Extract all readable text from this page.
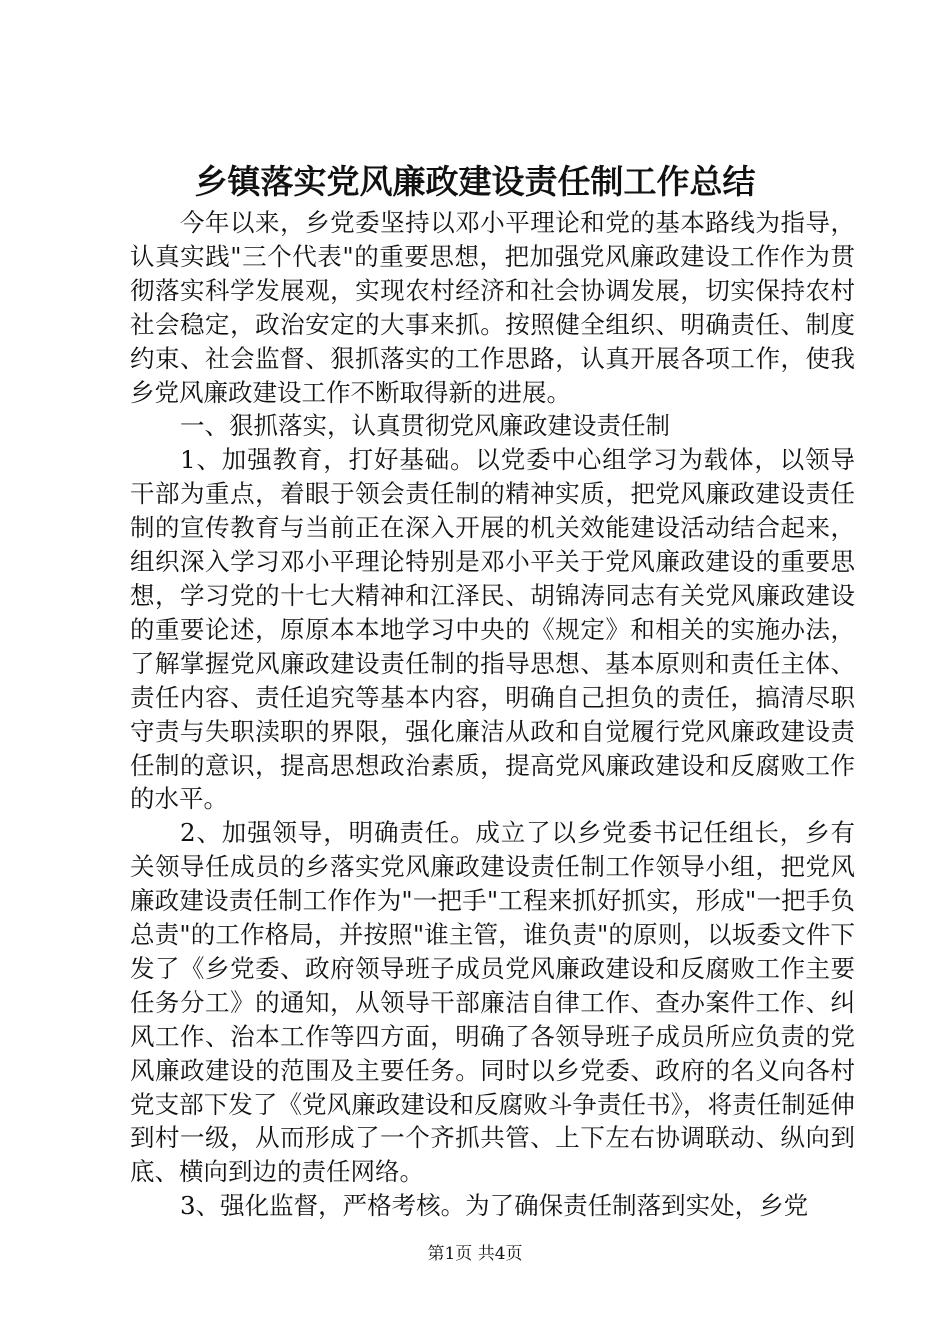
乡镇落实党风廉政建设责任制工作总结

今年以来，乡党委坚持以邓小平理论和党的基本路线为指导，认真实践"三个代表"的重要思想，把加强党风廉政建设工作作为贯彻落实科学发展观，实现农村经济和社会协调发展，切实保持农村社会稳定，政治安定的大事来抓。按照健全组织、明确责任、制度约束、社会监督、狠抓落实的工作思路，认真开展各项工作，使我乡党风廉政建设工作不断取得新的进展。

一、狠抓落实，认真贯彻党风廉政建设责任制

1、加强教育，打好基础。以党委中心组学习为载体，以领导干部为重点，着眼于领会责任制的精神实质，把党风廉政建设责任制的宣传教育与当前正在深入开展的机关效能建设活动结合起来，组织深入学习邓小平理论特别是邓小平关于党风廉政建设的重要思想，学习党的十七大精神和江泽民、胡锦涛同志有关党风廉政建设的重要论述，原原本本地学习中央的《规定》和相关的实施办法，了解掌握党风廉政建设责任制的指导思想、基本原则和责任主体、责任内容、责任追究等基本内容，明确自己担负的责任，搞清尽职守责与失职渎职的界限，强化廉洁从政和自觉履行党风廉政建设责任制的意识，提高思想政治素质，提高党风廉政建设和反腐败工作的水平。

2、加强领导，明确责任。成立了以乡党委书记任组长，乡有关领导任成员的乡落实党风廉政建设责任制工作领导小组，把党风廉政建设责任制工作作为"一把手"工程来抓好抓实，形成"一把手负总责"的工作格局，并按照"谁主管，谁负责"的原则，以坂委文件下发了《乡党委、政府领导班子成员党风廉政建设和反腐败工作主要任务分工》的通知，从领导干部廉洁自律工作、查办案件工作、纠风工作、治本工作等四方面，明确了各领导班子成员所应负责的党风廉政建设的范围及主要任务。同时以乡党委、政府的名义向各村党支部下发了《党风廉政建设和反腐败斗争责任书》，将责任制延伸到村一级，从而形成了一个齐抓共管、上下左右协调联动、纵向到底、横向到边的责任网络。

3、强化监督，严格考核。为了确保责任制落到实处，乡党

第1页 共4页
